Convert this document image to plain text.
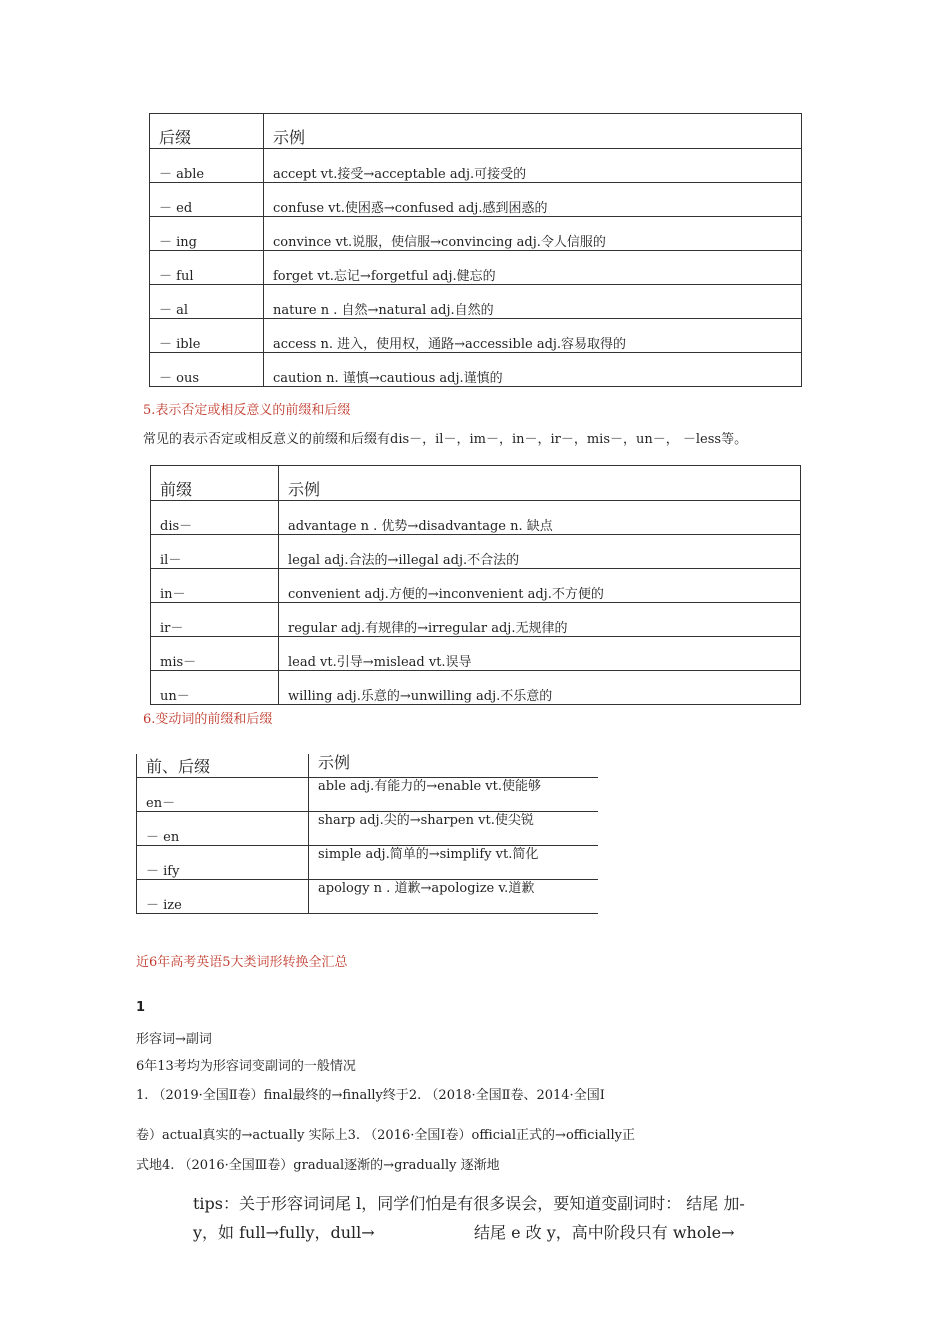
后缀	示例
－ able	accept vt.接受→acceptable adj.可接受的
－ ed	confuse vt.使困惑→confused adj.感到困惑的
－ ing	convince vt.说服，使信服→convincing adj.令人信服的
－ ful	forget vt.忘记→forgetful adj.健忘的
－ al	nature n . 自然→natural adj.自然的
－ ible	access n. 进入，使用权，通路→accessible adj.容易取得的
－ ous	caution n. 谨慎→cautious adj.谨慎的
5.表示否定或相反意义的前缀和后缀
常见的表示否定或相反意义的前缀和后缀有dis－，il－，im－，in－，ir－，mis－，un－， －less等。
前缀	示例
dis－	advantage n . 优势→disadvantage n. 缺点
il－	legal adj.合法的→illegal adj.不合法的
in－	convenient adj.方便的→inconvenient adj.不方便的
ir－	regular adj.有规律的→irregular adj.无规律的
mis－	lead vt.引导→mislead vt.误导
un－	willing adj.乐意的→unwilling adj.不乐意的
6.变动词的前缀和后缀
前、后缀	示例

en－	able adj.有能力的→enable vt.使能够

－ en	sharp adj.尖的→sharpen vt.使尖锐

－ ify	simple adj.简单的→simplify vt.简化

－ ize	apology n . 道歉→apologize v.道歉
近6年高考英语5大类词形转换全汇总
1
形容词→副词
6年13考均为形容词变副词的一般情况
1. （2019·全国Ⅱ卷）final最终的→finally终于2. （2018·全国Ⅱ卷、2014·全国Ⅰ
卷）actual真实的→actually 实际上3. （2016·全国Ⅰ卷）official正式的→officially正
式地4. （2016·全国Ⅲ卷）gradual逐渐的→gradually 逐渐地
tips：关于形容词词尾 l，同学们怕是有很多误会，要知道变副词时： 结尾 加-
y，如 full→fully，dull→	结尾 e 改 y，高中阶段只有 whole→
